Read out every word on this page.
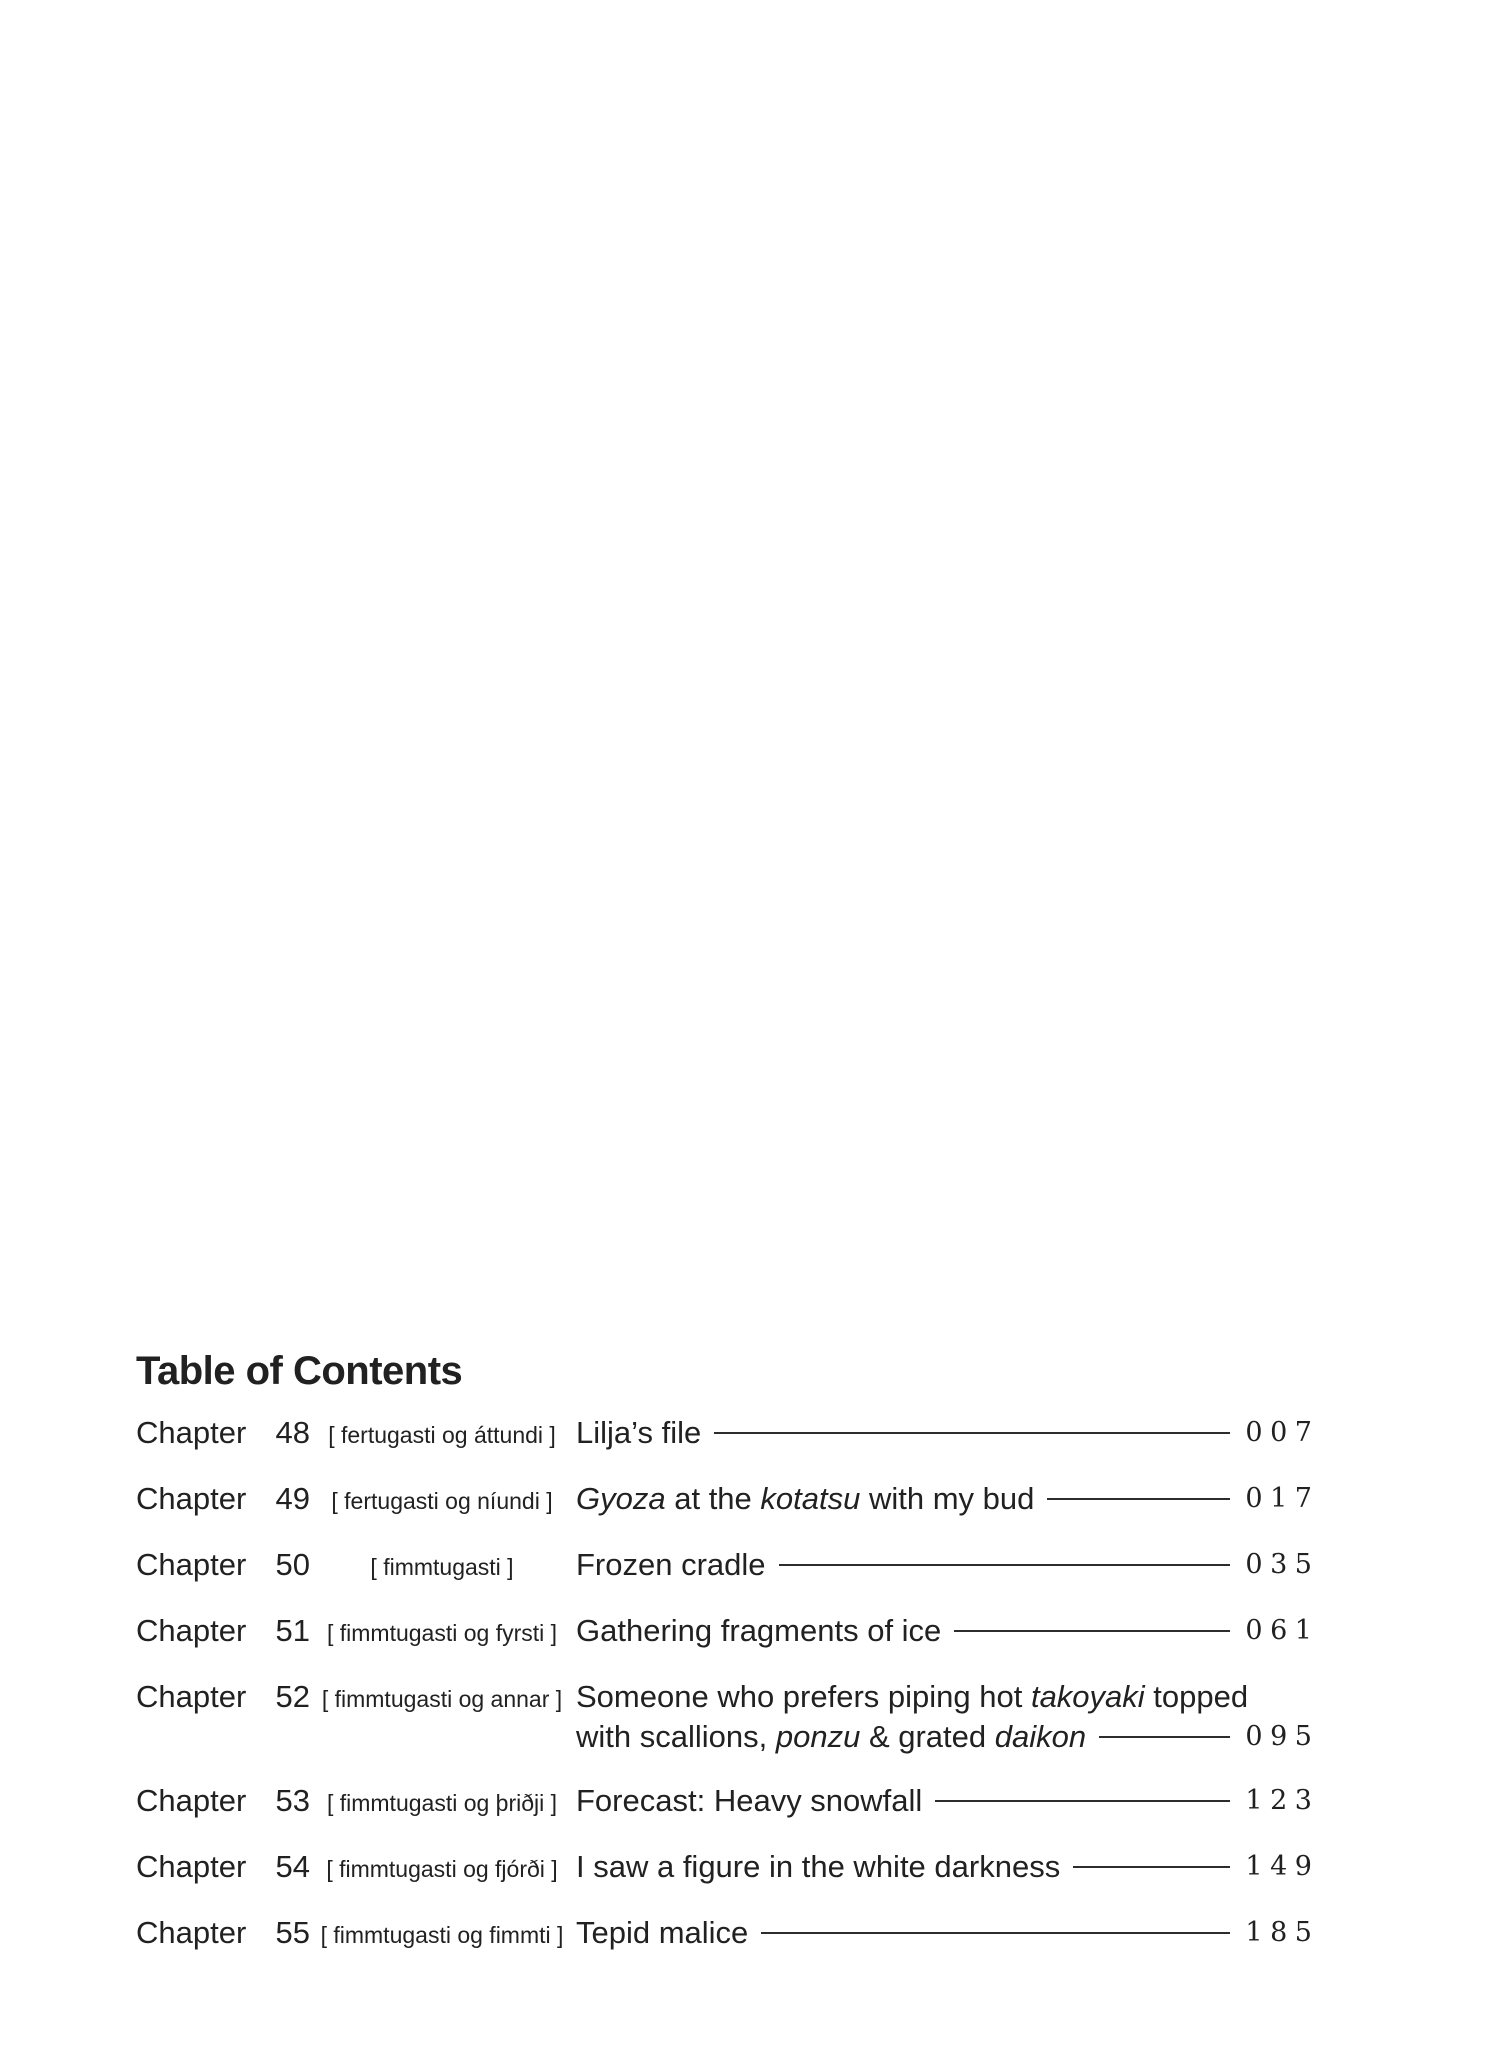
Table of Contents
Chapter 48 [ fertugasti og áttundi ] Lilja’s file	007
Chapter 49 [ fertugasti og níundi ] Gyoza at the kotatsu with my bud	017
Chapter 50	[ fimmtugasti ]	Frozen cradle	035
Chapter 51 [ fimmtugasti og fyrsti ] Gathering fragments of ice	061
Chapter 52 [ fimmtugasti og annar ] Someone who prefers piping hot takoyaki topped
with scallions, ponzu & grated daikon	095
Chapter 53 [ fimmtugasti og þriðji ] Forecast: Heavy snowfall	123
Chapter 54 [ fimmtugasti og fjórði ] I saw a figure in the white darkness	149
Chapter 55 [ fimmtugasti og fimmti ] Tepid malice	185
